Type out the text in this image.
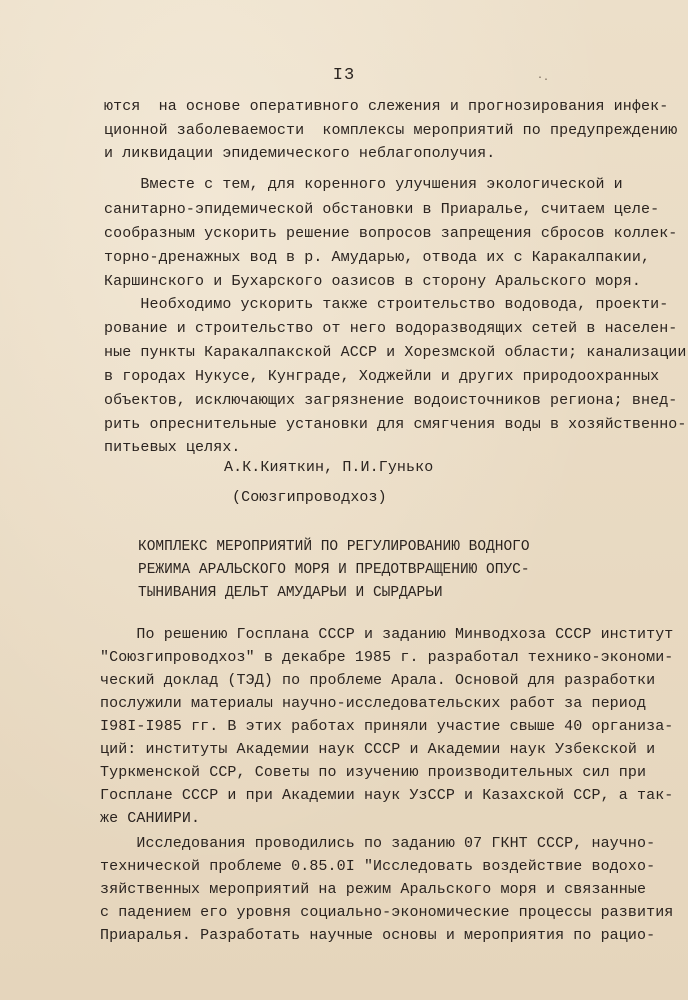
I3	·.
ются  на основе оперативного слежения и прогнозирования инфек-
ционной заболеваемости  комплексы мероприятий по предупреждению
и ликвидации эпидемического неблагополучия.
Вместе с тем, для коренного улучшения экологической и
санитарно-эпидемической обстановки в Приаралье, считаем целе-
сообразным ускорить решение вопросов запрещения сбросов коллек-
торно-дренажных вод в р. Амударью, отвода их с Каракалпакии,
Каршинского и Бухарского оазисов в сторону Аральского моря.
Необходимо ускорить также строительство водовода, проекти-
рование и строительство от него водоразводящих сетей в населен-
ные пункты Каракалпакской АССР и Хорезмской области; канализации
в городах Нукусе, Кунграде, Ходжейли и других природоохранных
объектов, исключающих загрязнение водоисточников региона; внед-
рить опреснительные установки для смягчения воды в хозяйственно-
питьевых целях.
А.К.Кияткин, П.И.Гунько
(Союзгипроводхоз)
КОМПЛЕКС МЕРОПРИЯТИЙ ПО РЕГУЛИРОВАНИЮ ВОДНОГО
РЕЖИМА АРАЛЬСКОГО МОРЯ И ПРЕДОТВРАЩЕНИЮ ОПУС-
ТЫНИВАНИЯ ДЕЛЬТ АМУДАРЬИ И СЫРДАРЬИ
По решению Госплана СССР и заданию Минводхоза СССР институт
"Союзгипроводхоз" в декабре 1985 г. разработал технико-экономи-
ческий доклад (ТЭД) по проблеме Арала. Основой для разработки
послужили материалы научно-исследовательских работ за период
I98I-I985 гг. В этих работах приняли участие свыше 40 организа-
ций: институты Академии наук СССР и Академии наук Узбекской и
Туркменской ССР, Советы по изучению производительных сил при
Госплане СССР и при Академии наук УзССР и Казахской ССР, а так-
же САНИИРИ.
Исследования проводились по заданию 07 ГКНТ СССР, научно-
технической проблеме 0.85.0I "Исследовать воздействие водохо-
зяйственных мероприятий на режим Аральского моря и связанные
с падением его уровня социально-экономические процессы развития
Приаралья. Разработать научные основы и мероприятия по рацио-
